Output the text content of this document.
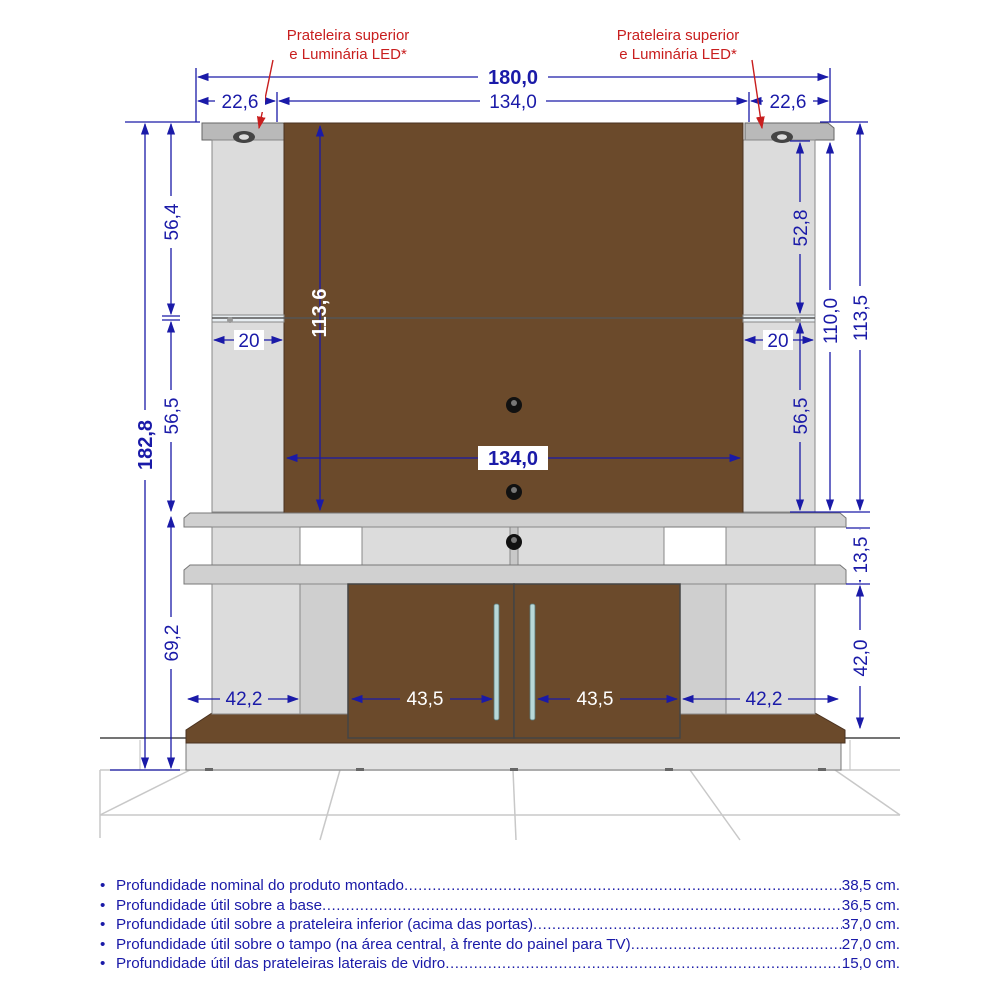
Prateleira superior
e Luminária LED*
Prateleira superior
e Luminária LED*
180,0
22,6	134,0	22,6
182,8
56,4
56,5
69,2
113,6
134,0
20	20
52,8
56,5
110,0 113,5
13,5
42,0
42,2	43,5	43,5	42,2
• Profundidade nominal do produto montado .....	38,5 cm.
• Profundidade útil sobre a base .....	36,5 cm.
• Profundidade útil sobre a prateleira inferior (acima das portas) .....	37,0 cm.
• Profundidade útil sobre o tampo (na área central, à frente do painel para TV) .....	27,0 cm.
• Profundidade útil das prateleiras laterais de vidro .....	15,0 cm.
